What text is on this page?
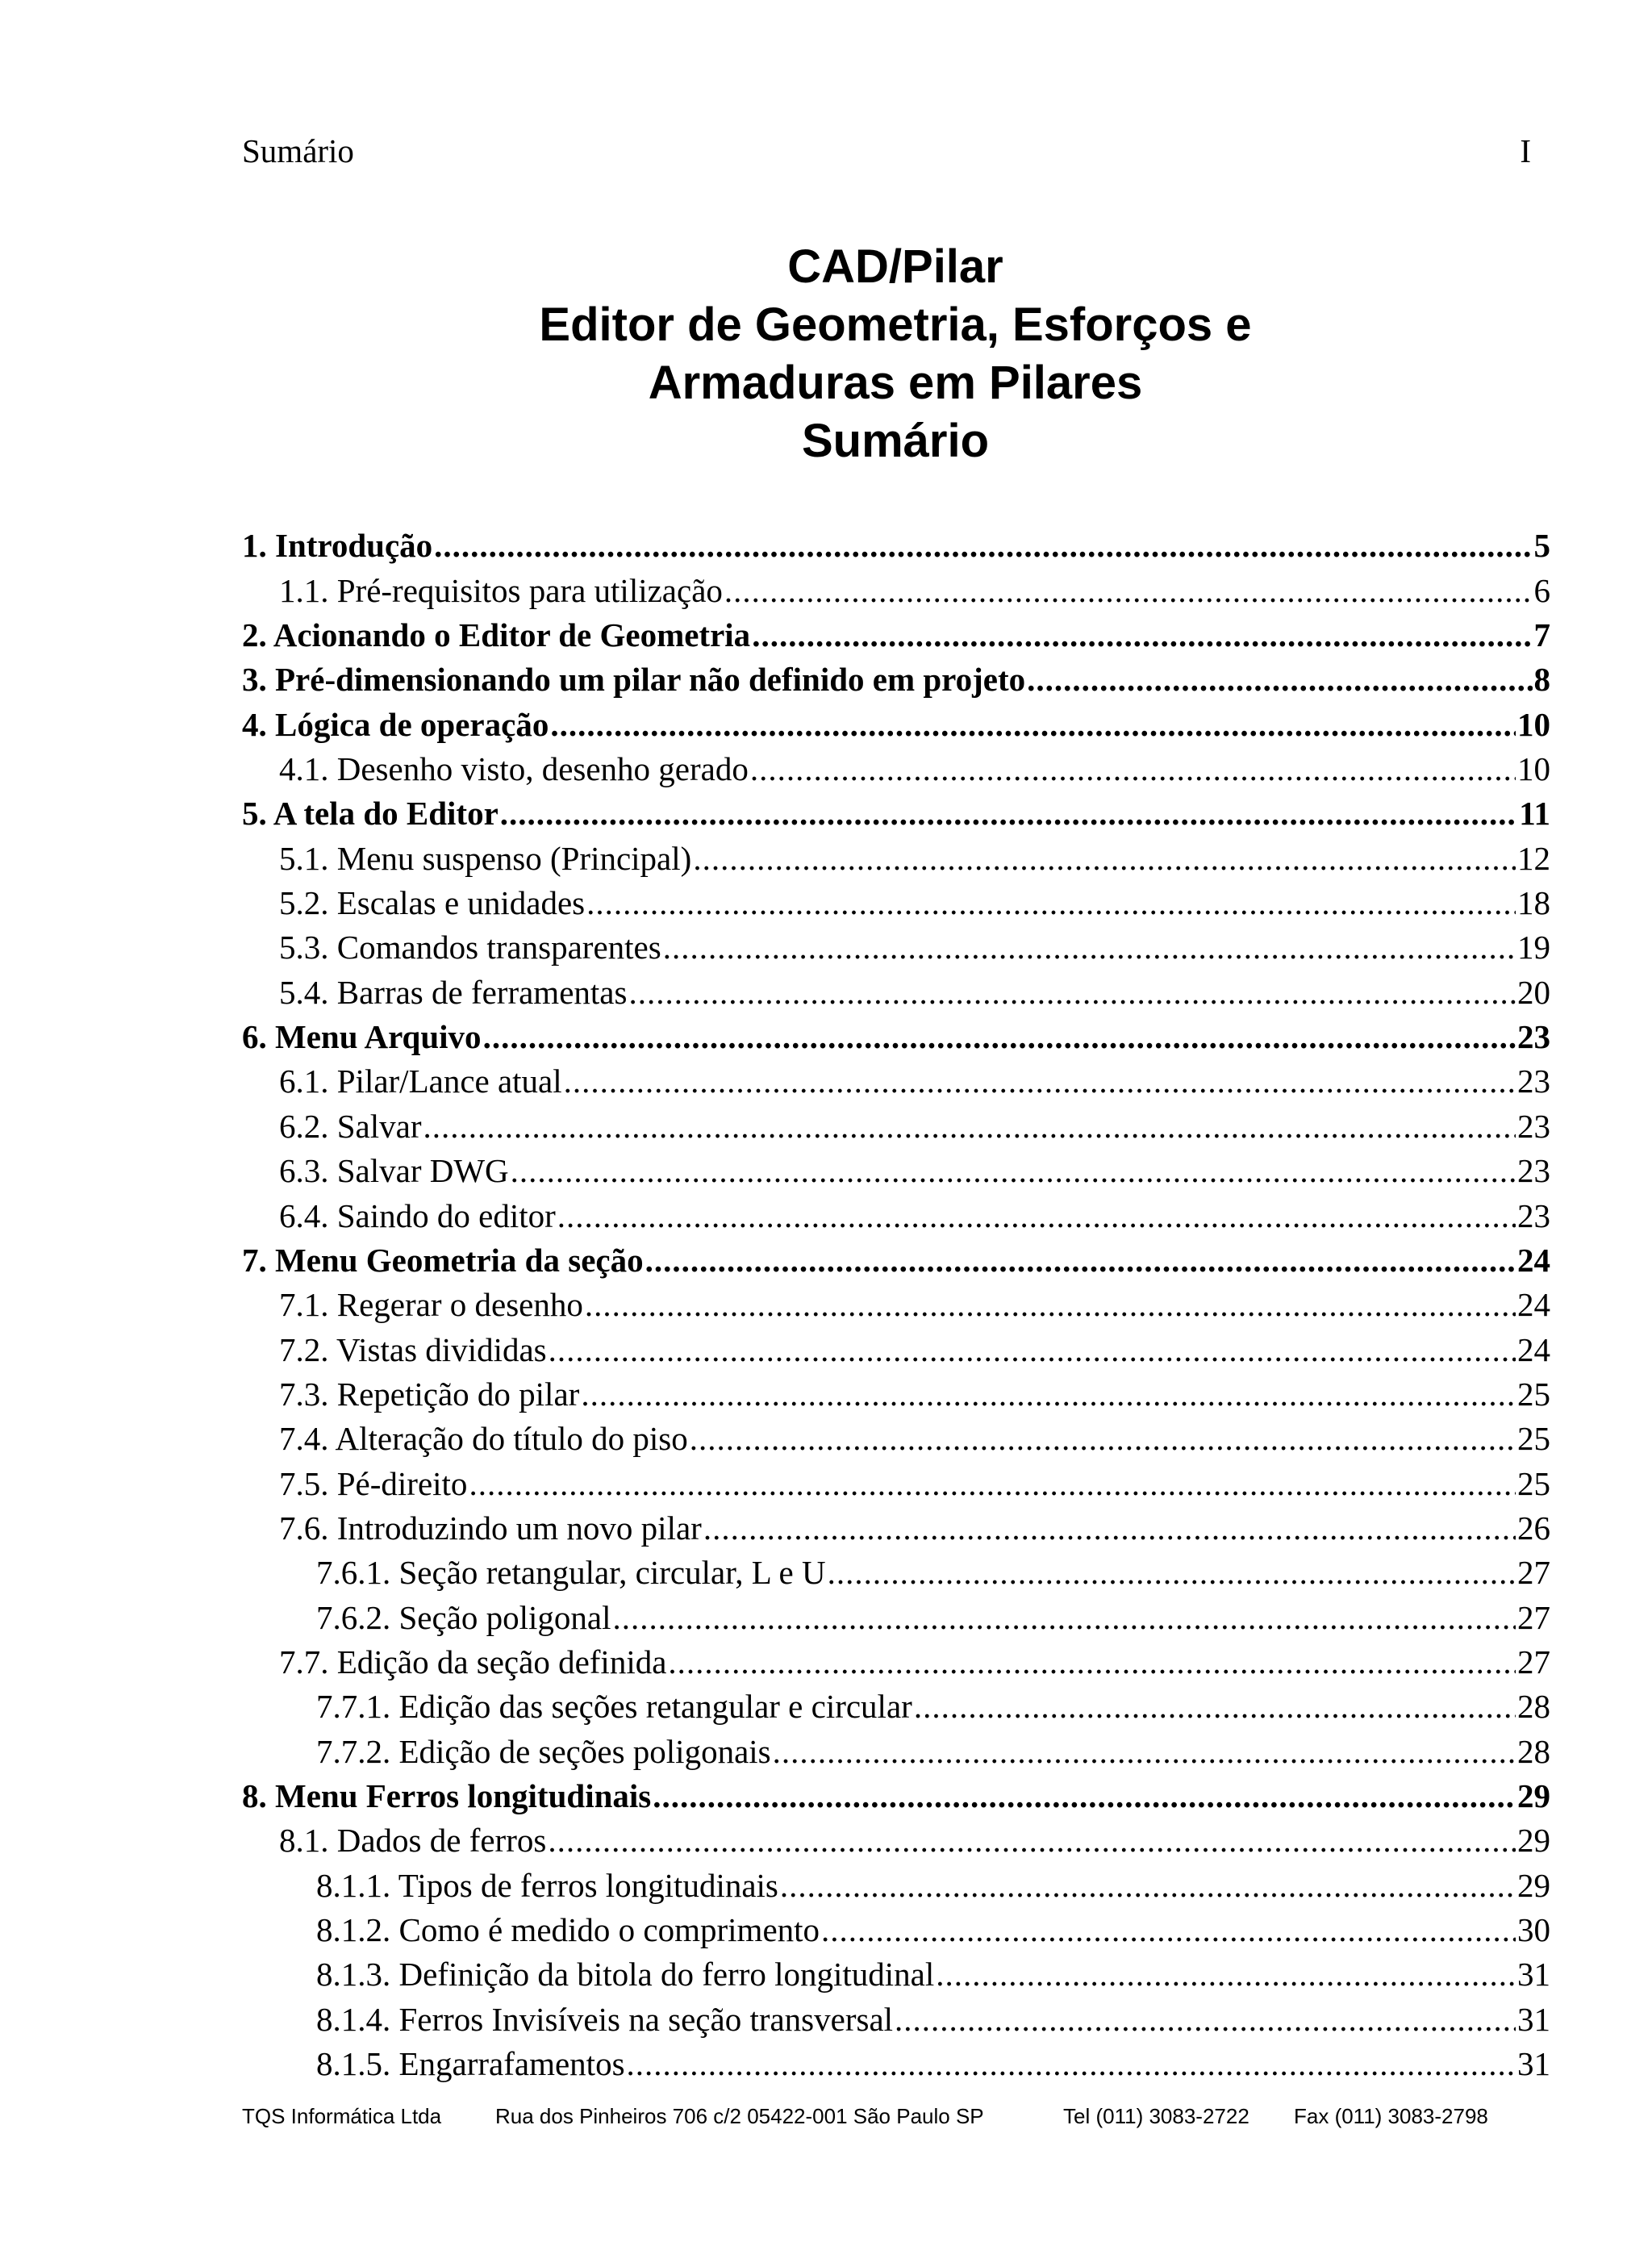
Sumário	I
CAD/Pilar
Editor de Geometria, Esforços e
Armaduras em Pilares
Sumário
1. Introdução .....	5
1.1. Pré-requisitos para utilização .....	6
2. Acionando o Editor de Geometria .....	7
3. Pré-dimensionando um pilar não definido em projeto .....	8
4. Lógica de operação .....	10
4.1. Desenho visto, desenho gerado .....	10
5. A tela do Editor .....	11
5.1. Menu suspenso (Principal) .....	12
5.2. Escalas e unidades .....	18
5.3. Comandos transparentes .....	19
5.4. Barras de ferramentas .....	20
6. Menu Arquivo .....	23
6.1. Pilar/Lance atual .....	23
6.2. Salvar .....	23
6.3. Salvar DWG .....	23
6.4. Saindo do editor .....	23
7. Menu Geometria da seção .....	24
7.1. Regerar o desenho .....	24
7.2. Vistas divididas .....	24
7.3. Repetição do pilar .....	25
7.4. Alteração do título do piso .....	25
7.5. Pé-direito .....	25
7.6. Introduzindo um novo pilar .....	26
7.6.1. Seção retangular, circular, L e U .....	27
7.6.2. Seção poligonal .....	27
7.7. Edição da seção definida .....	27
7.7.1. Edição das seções retangular e circular .....	28
7.7.2. Edição de seções poligonais .....	28
8. Menu Ferros longitudinais .....	29
8.1. Dados de ferros .....	29
8.1.1. Tipos de ferros longitudinais .....	29
8.1.2. Como é medido o comprimento .....	30
8.1.3. Definição da bitola do ferro longitudinal .....	31
8.1.4. Ferros Invisíveis na seção transversal .....	31
8.1.5. Engarrafamentos .....	31
TQS Informática Ltda	Rua dos Pinheiros 706 c/2 05422-001 São Paulo SP	Tel (011) 3083-2722 Fax (011) 3083-2798
